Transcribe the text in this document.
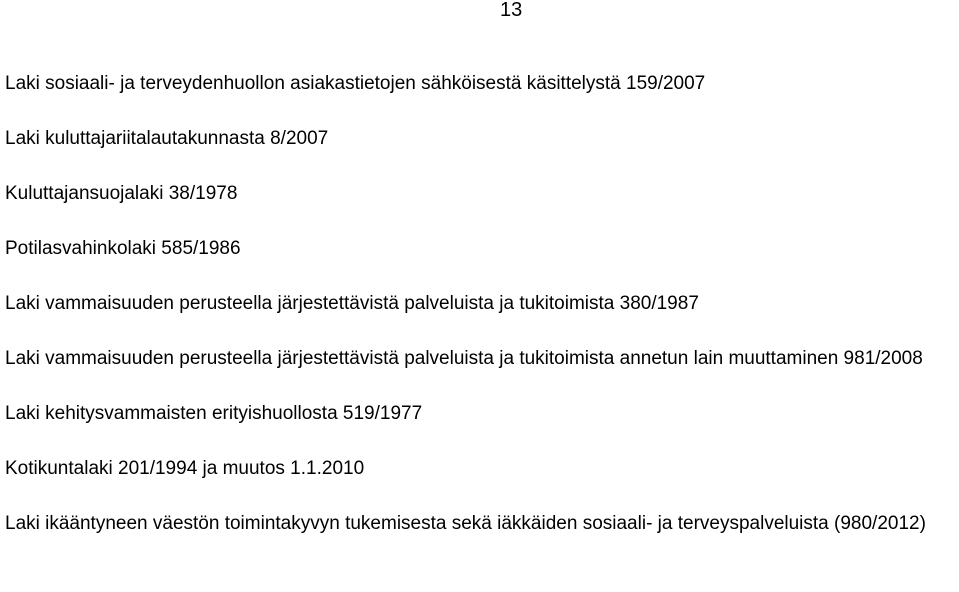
13
Laki sosiaali- ja terveydenhuollon asiakastietojen sähköisestä käsittelystä 159/2007
Laki kuluttajariitalautakunnasta 8/2007
Kuluttajansuojalaki 38/1978
Potilasvahinkolaki 585/1986
Laki vammaisuuden perusteella järjestettävistä palveluista ja tukitoimista 380/1987
Laki vammaisuuden perusteella järjestettävistä palveluista ja tukitoimista annetun lain muuttaminen 981/2008
Laki kehitysvammaisten erityishuollosta 519/1977
Kotikuntalaki 201/1994 ja muutos 1.1.2010
Laki ikääntyneen väestön toimintakyvyn tukemisesta sekä iäkkäiden sosiaali- ja terveyspalveluista (980/2012)
